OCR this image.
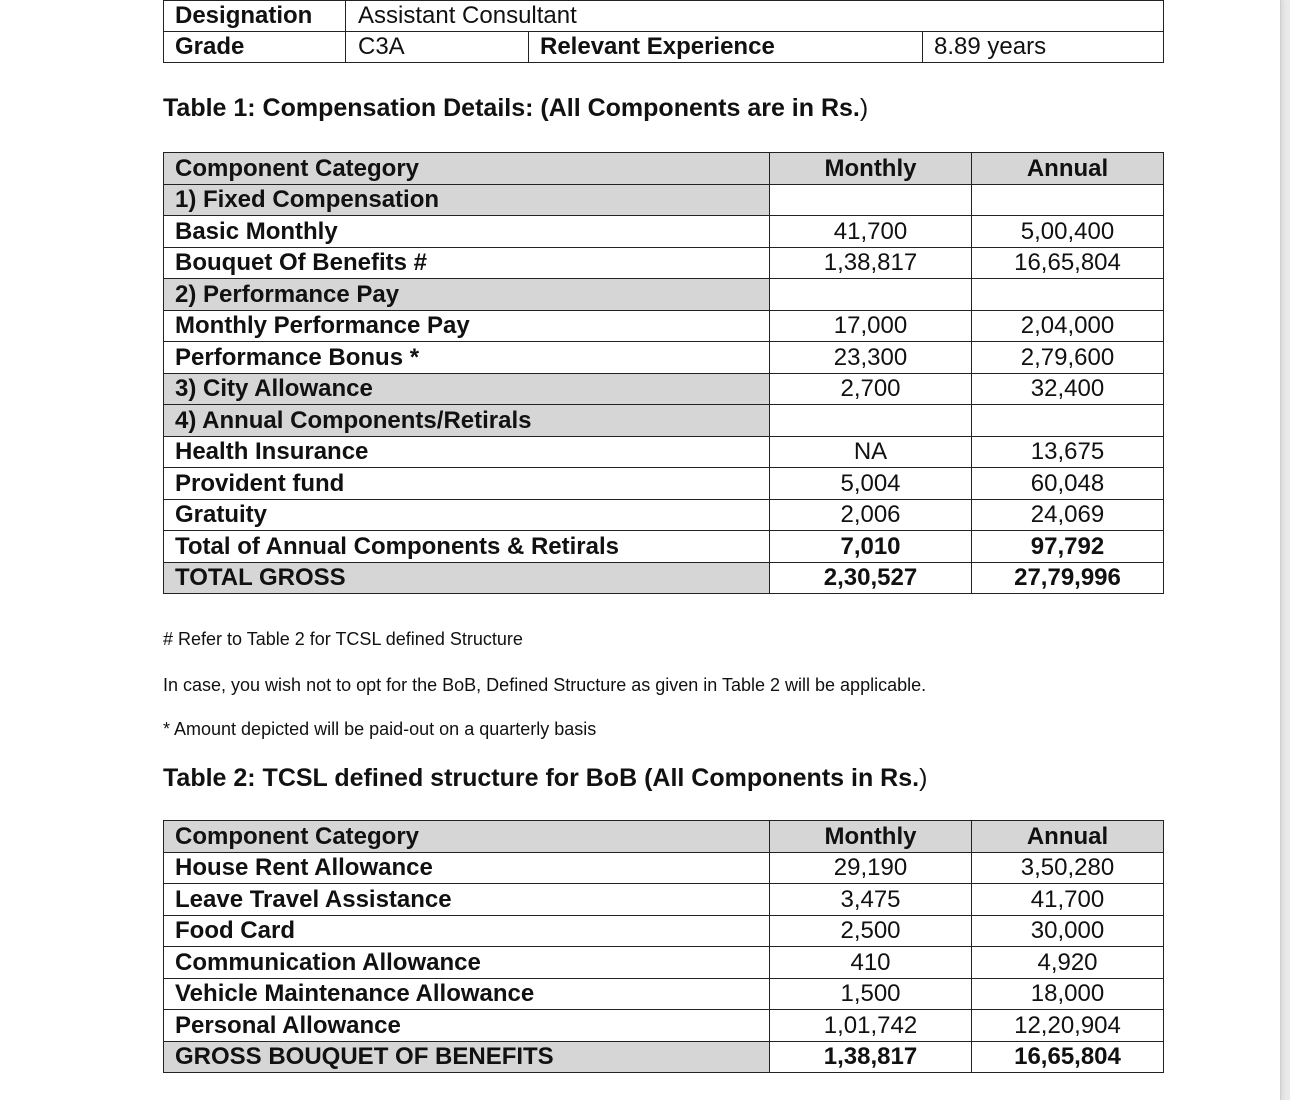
Designation	Assistant Consultant		
Grade	C3A	Relevant Experience	8.89 years
Table 1: Compensation Details: (All Components are in Rs.)
Component Category	Monthly	Annual
1) Fixed Compensation		
Basic Monthly	41,700	5,00,400
Bouquet Of Benefits #	1,38,817	16,65,804
2) Performance Pay		
Monthly Performance Pay	17,000	2,04,000
Performance Bonus *	23,300	2,79,600
3) City Allowance	2,700	32,400
4) Annual Components/Retirals		
Health Insurance	NA	13,675
Provident fund	5,004	60,048
Gratuity	2,006	24,069
Total of Annual Components & Retirals	7,010	97,792
TOTAL GROSS	2,30,527	27,79,996
# Refer to Table 2 for TCSL defined Structure
In case, you wish not to opt for the BoB, Defined Structure as given in Table 2 will be applicable.
* Amount depicted will be paid-out on a quarterly basis
Table 2: TCSL defined structure for BoB (All Components in Rs.)
Component Category	Monthly	Annual
House Rent Allowance	29,190	3,50,280
Leave Travel Assistance	3,475	41,700
Food Card	2,500	30,000
Communication Allowance	410	4,920
Vehicle Maintenance Allowance	1,500	18,000
Personal Allowance	1,01,742	12,20,904
GROSS BOUQUET OF BENEFITS	1,38,817	16,65,804
